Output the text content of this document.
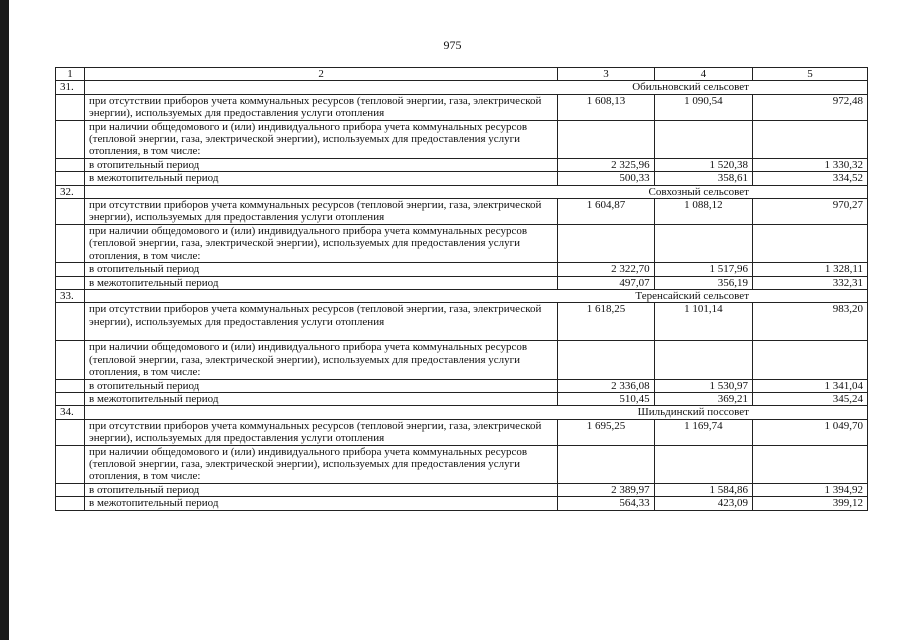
975
1	2	3	4	5
31.	Обильновский сельсовет			
	при отсутствии приборов учета коммунальных ресурсов (тепловой энергии, газа, электрической энергии), используемых для предоставления услуги отопления	1 608,13	1 090,54	972,48
	при наличии общедомового и (или) индивидуального прибора учета коммунальных ресурсов (тепловой энергии, газа, электрической энергии), используемых для предоставления услуги отопления, в том числе:			
	в отопительный период	2 325,96	1 520,38	1 330,32
	в межотопительный период	500,33	358,61	334,52
32.	Совхозный сельсовет			
	при отсутствии приборов учета коммунальных ресурсов (тепловой энергии, газа, электрической энергии), используемых для предоставления услуги отопления	1 604,87	1 088,12	970,27
	при наличии общедомового и (или) индивидуального прибора учета коммунальных ресурсов (тепловой энергии, газа, электрической энергии), используемых для предоставления услуги отопления, в том числе:			
	в отопительный период	2 322,70	1 517,96	1 328,11
	в межотопительный период	497,07	356,19	332,31
33.	Теренсайский сельсовет			
	при отсутствии приборов учета коммунальных ресурсов (тепловой энергии, газа, электрической энергии), используемых для предоставления услуги отопления	1 618,25	1 101,14	983,20
	при наличии общедомового и (или) индивидуального прибора учета коммунальных ресурсов (тепловой энергии, газа, электрической энергии), используемых для предоставления услуги отопления, в том числе:			
	в отопительный период	2 336,08	1 530,97	1 341,04
	в межотопительный период	510,45	369,21	345,24
34.	Шильдинский поссовет			
	при отсутствии приборов учета коммунальных ресурсов (тепловой энергии, газа, электрической энергии), используемых для предоставления услуги отопления	1 695,25	1 169,74	1 049,70
	при наличии общедомового и (или) индивидуального прибора учета коммунальных ресурсов (тепловой энергии, газа, электрической энергии), используемых для предоставления услуги отопления, в том числе:			
	в отопительный период	2 389,97	1 584,86	1 394,92
	в межотопительный период	564,33	423,09	399,12
